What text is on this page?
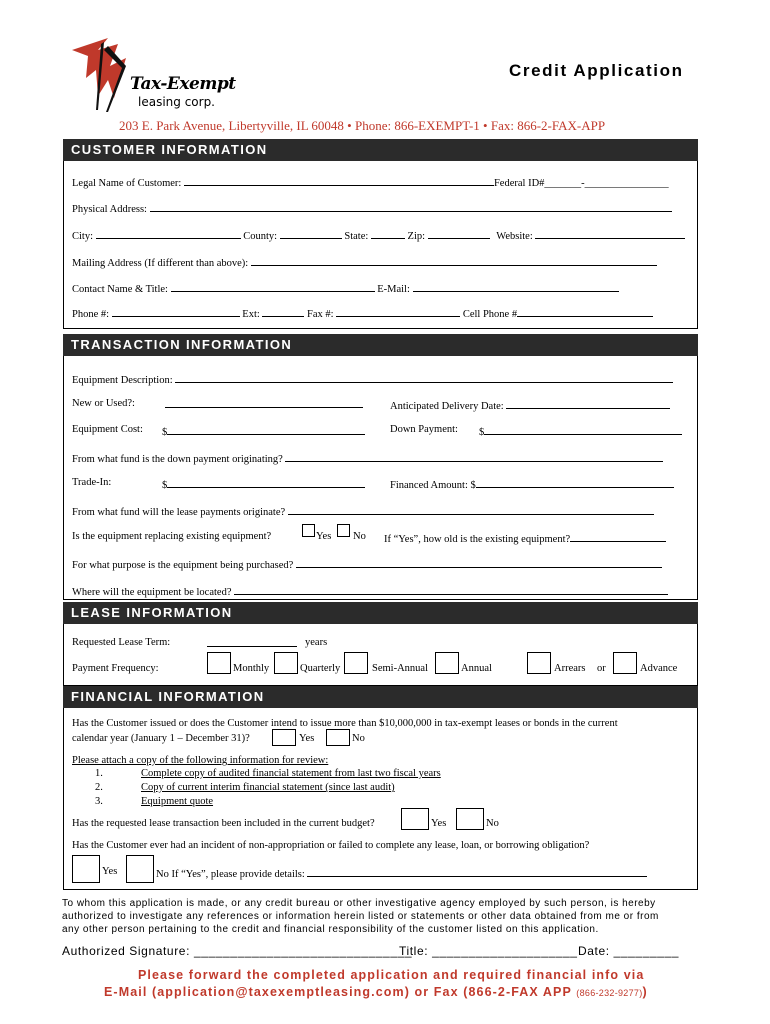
Tax-Exempt
leasing corp.
Credit Application
203 E. Park Avenue, Libertyville, IL 60048 • Phone: 866-EXEMPT-1 • Fax: 866-2-FAX-APP
CUSTOMER INFORMATION
Legal Name of Customer:	Federal ID#_______-________________
Physical Address:
City:	County:	State:	Zip:	Website:
Mailing Address (If different than above):
Contact Name & Title:	E-Mail:
Phone #:	Ext:	Fax #:	Cell Phone #
TRANSACTION INFORMATION
Equipment Description:
New or Used?:	Anticipated Delivery Date:
Equipment Cost: $	Down Payment: $
From what fund is the down payment originating?
Trade-In:	$	Financed Amount: $
From what fund will the lease payments originate?
Is the equipment replacing existing equipment?	Yes No If “Yes”, how old is the existing equipment?
For what purpose is the equipment being purchased?
Where will the equipment be located?
LEASE INFORMATION
Requested Lease Term:	years
Payment Frequency:	Monthly	Quarterly	Semi-Annual	Annual	Arrears or	Advance
FINANCIAL INFORMATION
Has the Customer issued or does the Customer intend to issue more than $10,000,000 in tax-exempt leases or bonds in the current
calendar year (January 1 – December 31)?	Yes	No
Please attach a copy of the following information for review:
1.	Complete copy of audited financial statement from last two fiscal years
2.	Copy of current interim financial statement (since last audit)
3.	Equipment quote
Has the requested lease transaction been included in the current budget?	Yes	No
Has the Customer ever had an incident of non-appropriation or failed to complete any lease, loan, or borrowing obligation?
Yes	No If “Yes”, please provide details:
To whom this application is made, or any credit bureau or other investigative agency employed by such person, is hereby
authorized to investigate any references or information herein listed or statements or other data obtained from me or from
any other person pertaining to the credit and financial responsibility of the customer listed on this application.
Authorized Signature: ______________________________
Title: ____________________ Date: _________
Please forward the completed application and required financial info via
E-Mail (application@taxexemptleasing.com) or Fax (866-2-FAX APP (866-232-9277))
